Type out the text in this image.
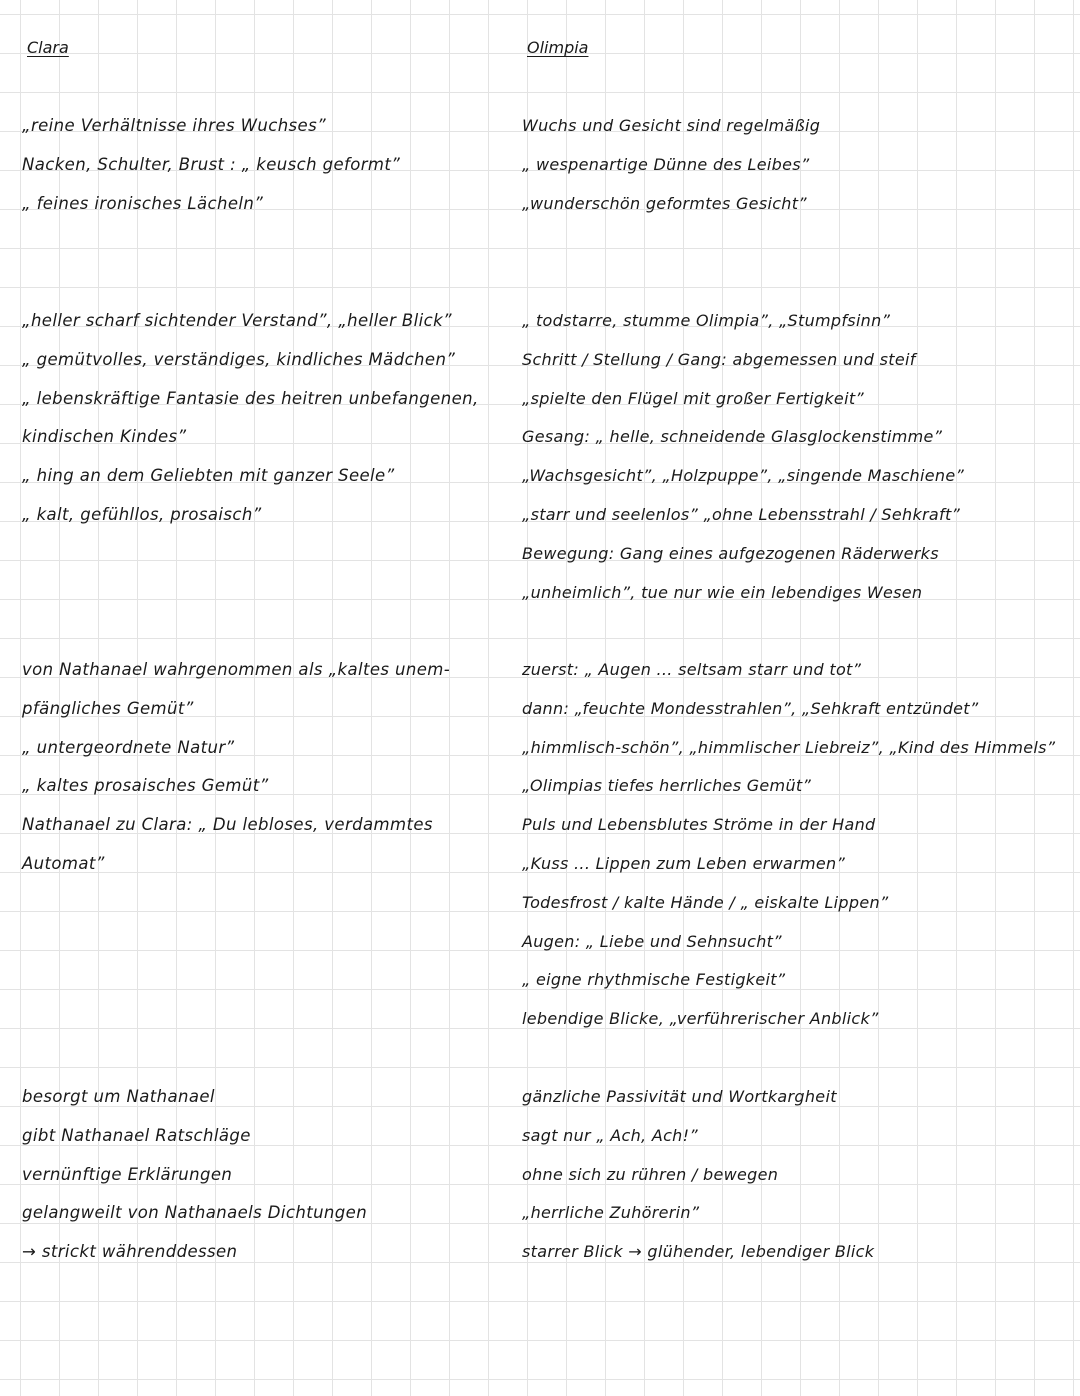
Clara
„reine Verhältnisse ihres Wuchses”
Nacken, Schulter, Brust : „ keusch geformt”
„ feines ironisches Lächeln”
„heller scharf sichtender Verstand”, „heller Blick”
„ gemütvolles, verständiges, kindliches Mädchen”
„ lebenskräftige Fantasie des heitren unbefangenen,
kindischen Kindes”
„ hing an dem Geliebten mit ganzer Seele”
„ kalt, gefühllos, prosaisch”
von Nathanael wahrgenommen als „kaltes unem-
pfängliches Gemüt”
„ untergeordnete Natur”
„ kaltes prosaisches Gemüt”
Nathanael zu Clara: „ Du lebloses, verdammtes
Automat”
besorgt um Nathanael
gibt Nathanael Ratschläge
vernünftige Erklärungen
gelangweilt von Nathanaels Dichtungen
→ strickt währenddessen
Olimpia
Wuchs und Gesicht sind regelmäßig
„ wespenartige Dünne des Leibes”
„wunderschön geformtes Gesicht”
„ todstarre, stumme Olimpia”, „Stumpfsinn”
Schritt / Stellung / Gang: abgemessen und steif
„spielte den Flügel mit großer Fertigkeit”
Gesang: „ helle, schneidende Glasglockenstimme”
„Wachsgesicht”, „Holzpuppe”, „singende Maschiene”
„starr und seelenlos” „ohne Lebensstrahl / Sehkraft”
Bewegung: Gang eines aufgezogenen Räderwerks
„unheimlich”, tue nur wie ein lebendiges Wesen
zuerst: „ Augen ... seltsam starr und tot”
dann: „feuchte Mondesstrahlen”, „Sehkraft entzündet”
„himmlisch-schön”, „himmlischer Liebreiz”, „Kind des Himmels”
„Olimpias tiefes herrliches Gemüt”
Puls und Lebensblutes Ströme in der Hand
„Kuss ... Lippen zum Leben erwarmen”
Todesfrost / kalte Hände / „ eiskalte Lippen”
Augen: „ Liebe und Sehnsucht”
„ eigne rhythmische Festigkeit”
lebendige Blicke, „verführerischer Anblick”
gänzliche Passivität und Wortkargheit
sagt nur „ Ach, Ach!”
ohne sich zu rühren / bewegen
„herrliche Zuhörerin”
starrer Blick → glühender, lebendiger Blick
